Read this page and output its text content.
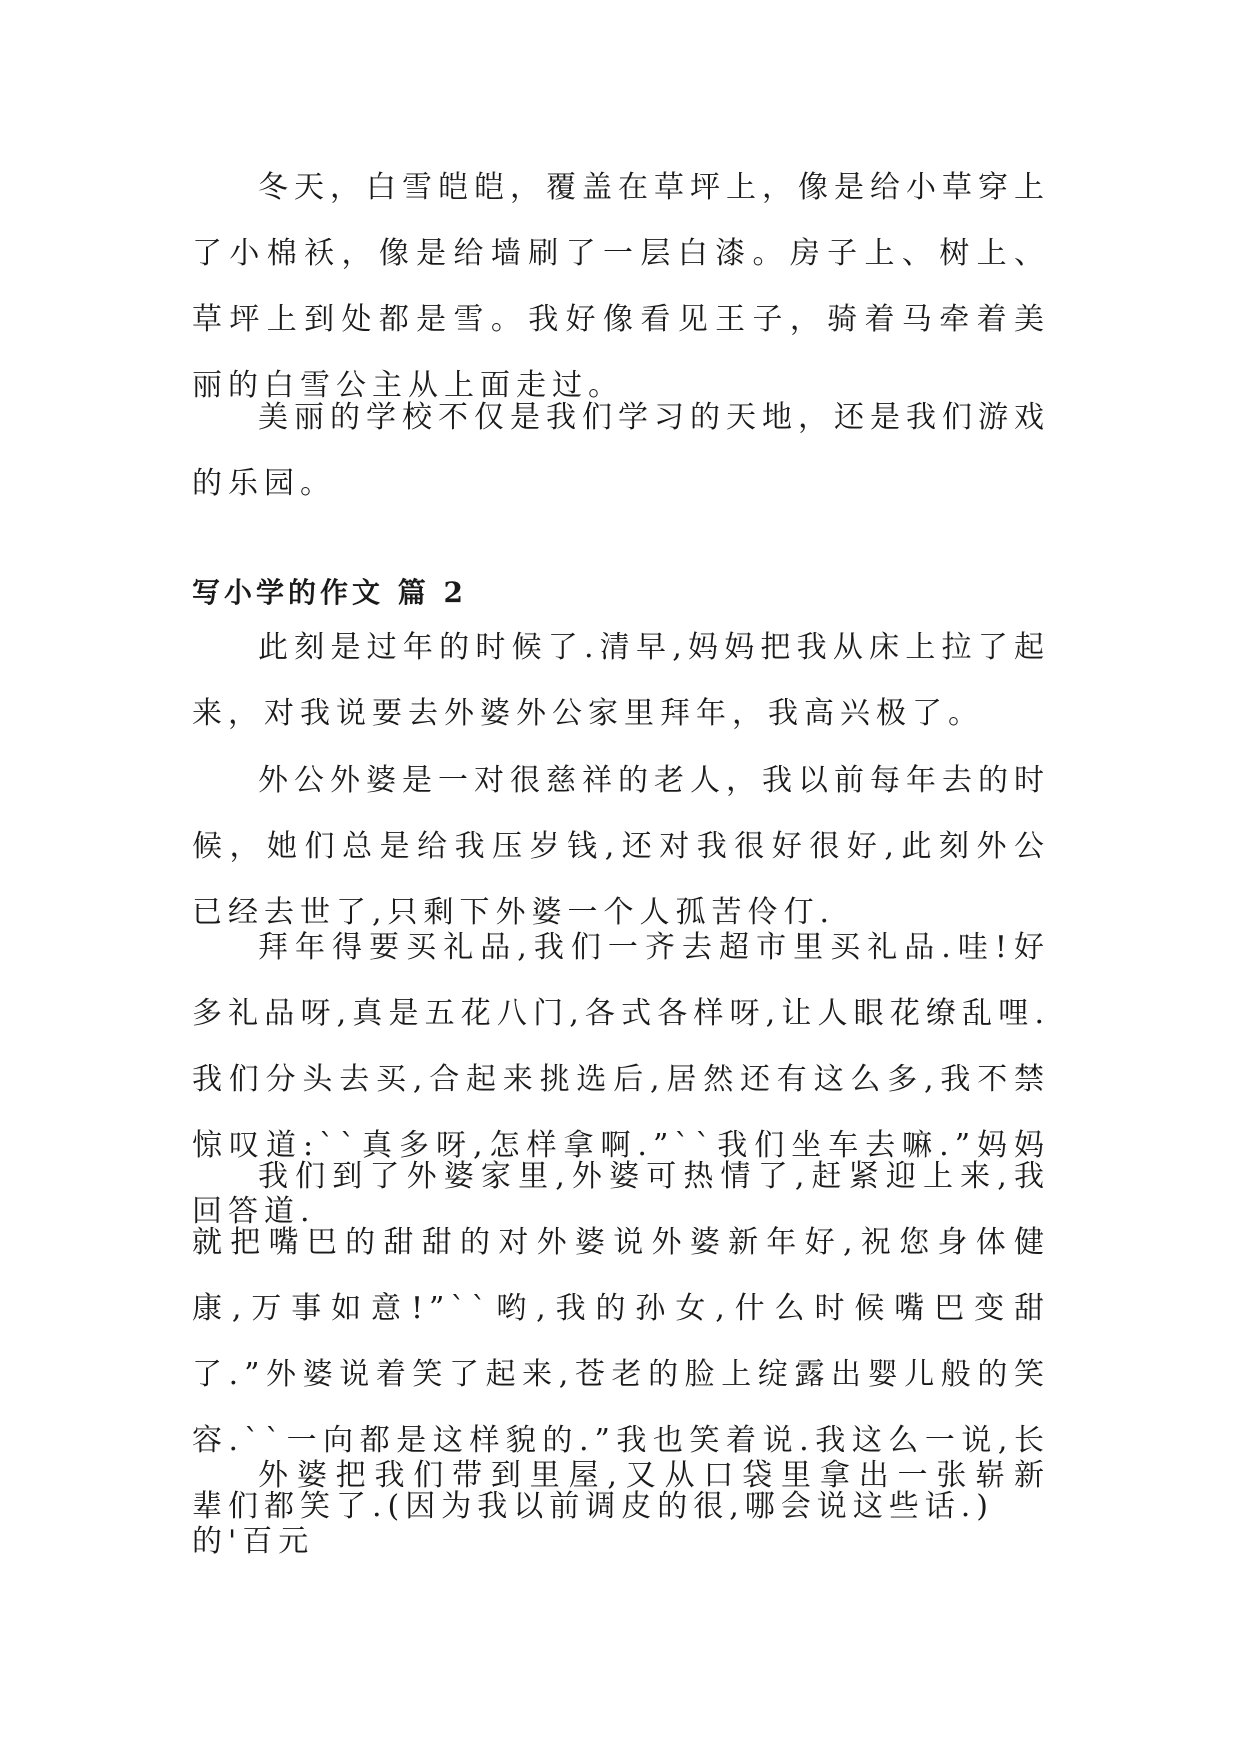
冬天，白雪皑皑，覆盖在草坪上，像是给小草穿上了小棉袄，像是给墙刷了一层白漆。房子上、树上、草坪上到处都是雪。我好像看见王子，骑着马牵着美丽的白雪公主从上面走过。

美丽的学校不仅是我们学习的天地，还是我们游戏的乐园。

写小学的作文 篇 2

此刻是过年的时候了.清早,妈妈把我从床上拉了起来，对我说要去外婆外公家里拜年，我高兴极了。

外公外婆是一对很慈祥的老人，我以前每年去的时候，她们总是给我压岁钱,还对我很好很好,此刻外公已经去世了,只剩下外婆一个人孤苦伶仃.

拜年得要买礼品,我们一齐去超市里买礼品.哇!好多礼品呀,真是五花八门,各式各样呀,让人眼花缭乱哩.我们分头去买,合起来挑选后,居然还有这么多,我不禁惊叹道:``真多呀,怎样拿啊.”``我们坐车去嘛.”妈妈回答道.

我们到了外婆家里,外婆可热情了,赶紧迎上来,我就把嘴巴的甜甜的对外婆说外婆新年好,祝您身体健康,万事如意!”``哟,我的孙女,什么时候嘴巴变甜了.”外婆说着笑了起来,苍老的脸上绽露出婴儿般的笑容.``一向都是这样貌的.”我也笑着说.我这么一说,长辈们都笑了.(因为我以前调皮的很,哪会说这些话.)

外婆把我们带到里屋,又从口袋里拿出一张崭新的'百元
